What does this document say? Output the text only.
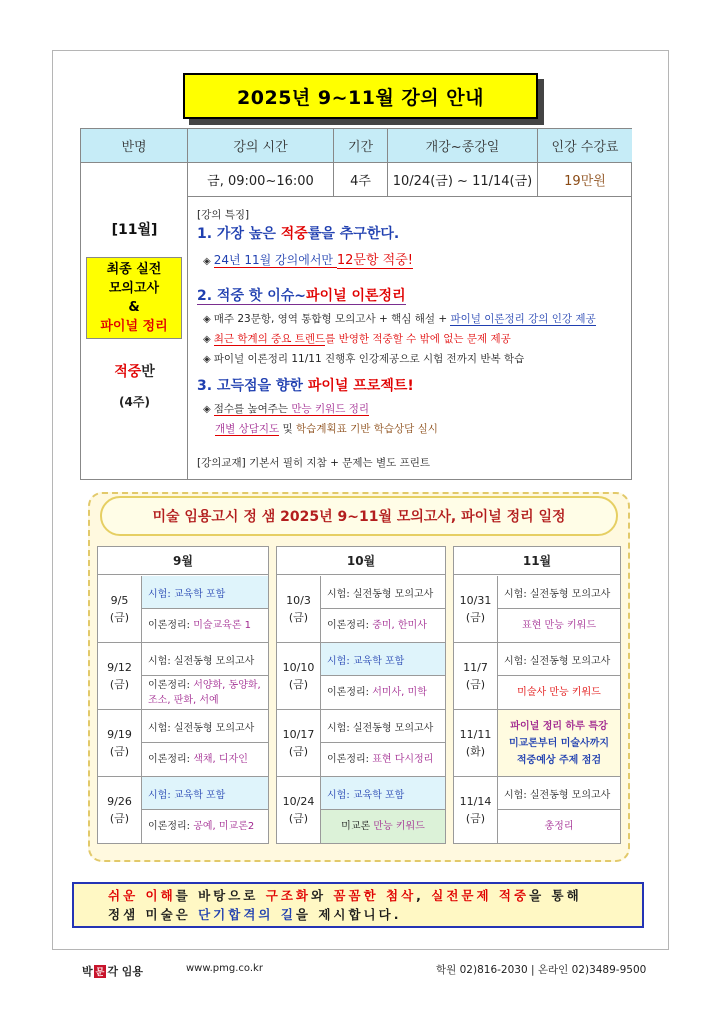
2025년 9~11월 강의 안내
반명	강의 시간	기간	개강~종강일	인강 수강료
금, 09:00~16:00	4주	10/24(금) ~ 11/14(금)	19만원
[11월]
최종 실전
모의고사
&
파이널 정리
적중반
(4주)
[강의 특징]
1. 가장 높은 적중률을 추구한다.
◈ 24년 11월 강의에서만 12문항 적중!
2. 적중 핫 이슈~파이널 이론정리
◈ 매주 23문항, 영역 통합형 모의고사 + 핵심 해설 + 파이널 이론정리 강의 인강 제공
◈ 최근 학계의 중요 트렌드를 반영한 적중할 수 밖에 없는 문제 제공
◈ 파이널 이론정리 11/11 진행후 인강제공으로 시험 전까지 반복 학습
3. 고득점을 향한 파이널 프로젝트!
◈ 점수를 높여주는 만능 키워드 정리
개별 상담지도 및 학습계획표 기반 학습상담 실시
[강의교재] 기본서 필히 지참 + 문제는 별도 프린트
미술 임용고시 정 샘 2025년 9~11월 모의고사, 파이널 정리 일정
9월
9/5
(금)
시험: 교육학 포함
이론정리: 미술교육론 1
9/12
(금)
시험: 실전동형 모의고사
이론정리: 서양화, 동양화,
조소, 판화, 서예
9/19
(금)
시험: 실전동형 모의고사
이론정리: 색채, 디자인
9/26
(금)
시험: 교육학 포함
이론정리: 공예, 미교론2
10월
10/3
(금)
시험: 실전동형 모의고사
이론정리: 중미, 한미사
10/10
(금)
시험: 교육학 포함
이론정리: 서미사, 미학
10/17
(금)
시험: 실전동형 모의고사
이론정리: 표현 다시정리
10/24
(금)
시험: 교육학 포함
미교론 만능 키워드
11월
10/31
(금)
시험: 실전동형 모의고사
표현 만능 키워드
11/7
(금)
시험: 실전동형 모의고사
미술사 만능 키워드
11/11
(화)
파이널 정리 하루 특강
미교론부터 미술사까지
적중예상 주제 점검
11/14
(금)
시험: 실전동형 모의고사
총정리
쉬운 이해를 바탕으로 구조화와 꼼꼼한 첨삭, 실전문제 적중을 통해
정샘 미술은 단기합격의 길을 제시합니다.
박 문 각 임용	www.pmg.co.kr	학원 02)816-2030 | 온라인 02)3489-9500
